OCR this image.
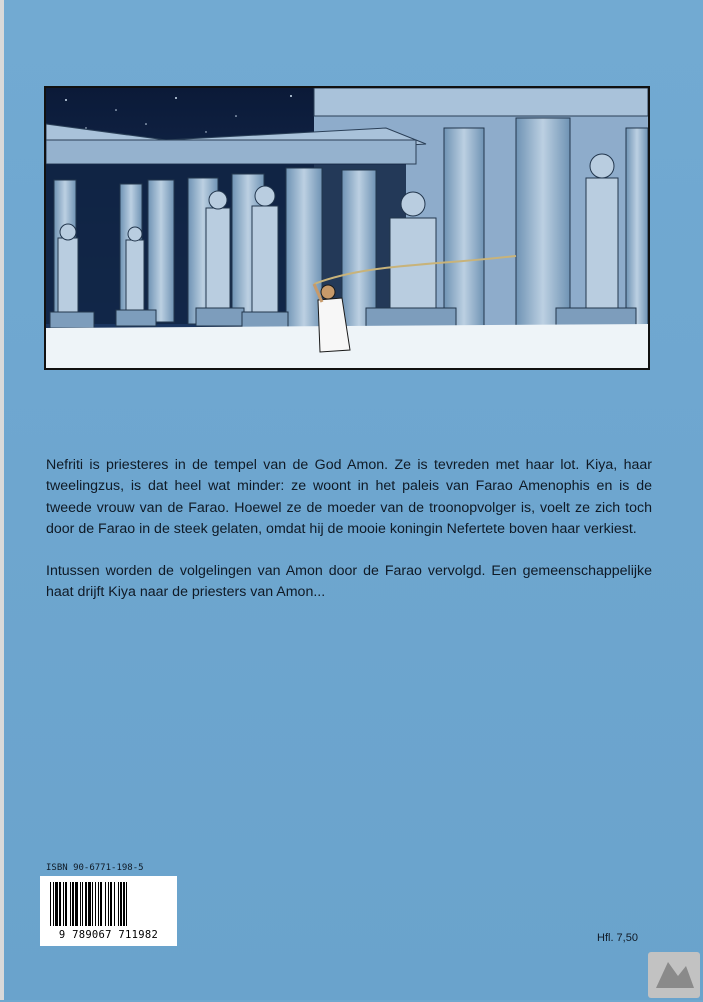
Nefriti is priesteres in de tempel van de God Amon. Ze is tevreden met haar lot. Kiya, haar tweelingzus, is dat heel wat minder: ze woont in het paleis van Farao Amenophis en is de tweede vrouw van de Farao. Hoewel ze de moeder van de troonopvolger is, voelt ze zich toch door de Farao in de steek gelaten, omdat hij de mooie koningin Nefertete boven haar verkiest.

Intussen worden de volgelingen van Amon door de Farao vervolgd. Een gemeenschappelijke haat drijft Kiya naar de priesters van Amon...

ISBN 90-6771-198-5
9 789067 711982	Hfl. 7,50
